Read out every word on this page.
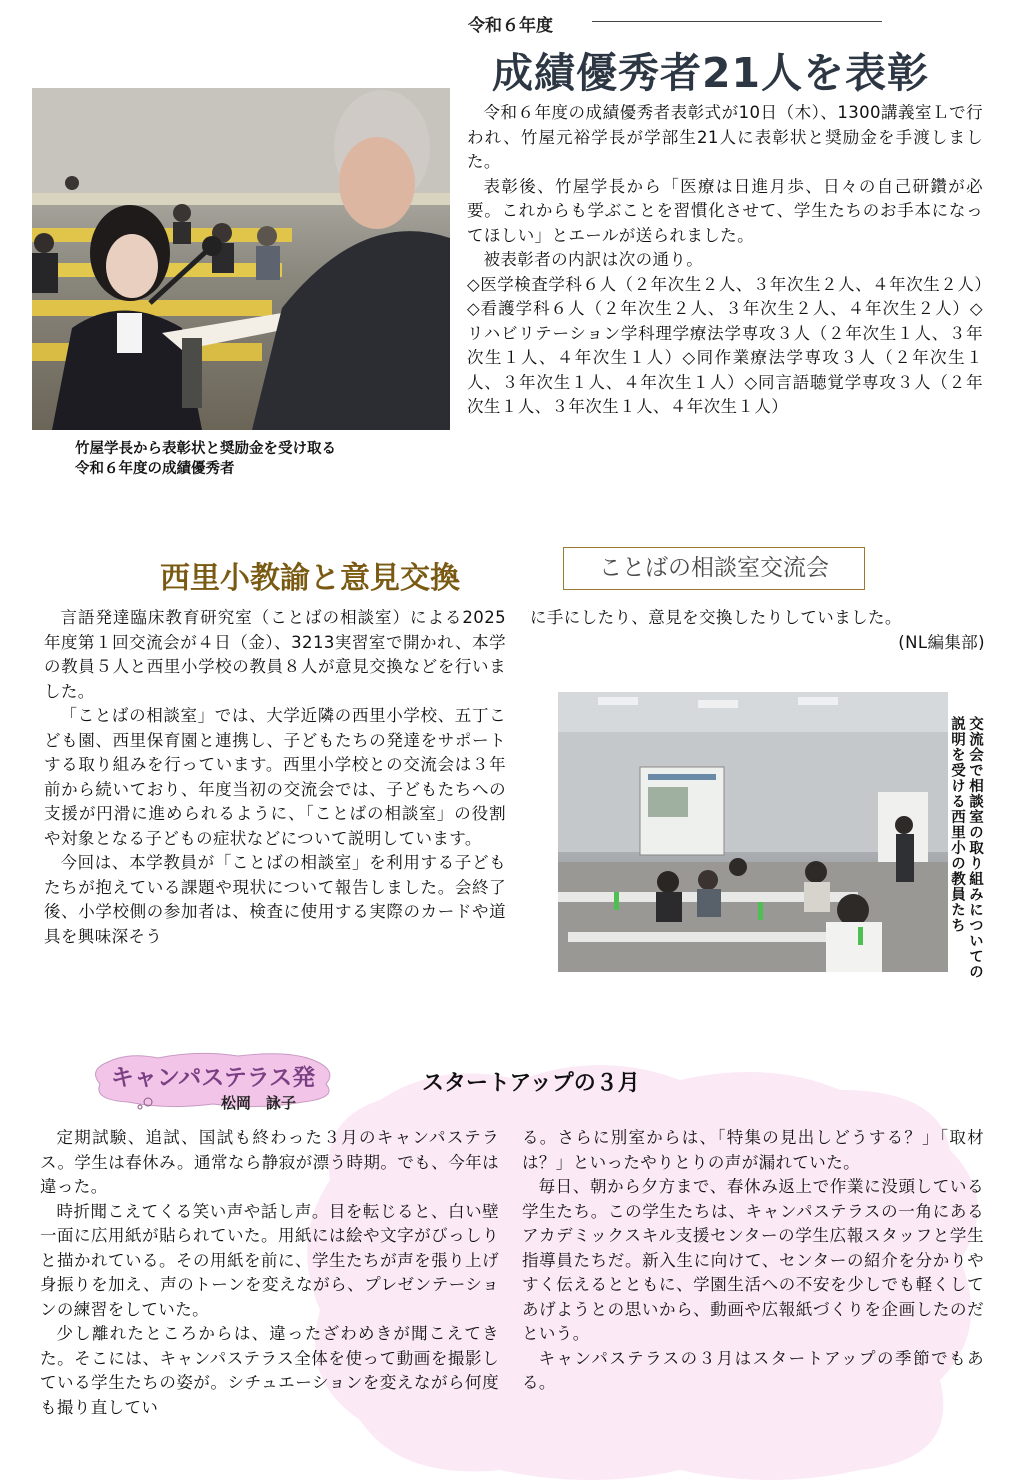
令和６年度
成績優秀者21人を表彰
竹屋学長から表彰状と奨励金を受け取る
令和６年度の成績優秀者

令和６年度の成績優秀者表彰式が10日（木）、1300講義室Ｌで行われ、竹屋元裕学長が学部生21人に表彰状と奨励金を手渡しました。

表彰後、竹屋学長から「医療は日進月歩、日々の自己研鑽が必要。これからも学ぶことを習慣化させて、学生たちのお手本になってほしい」とエールが送られました。

被表彰者の内訳は次の通り。

◇医学検査学科６人（２年次生２人、３年次生２人、４年次生２人）◇看護学科６人（２年次生２人、３年次生２人、４年次生２人）◇リハビリテーション学科理学療法学専攻３人（２年次生１人、３年次生１人、４年次生１人）◇同作業療法学専攻３人（２年次生１人、３年次生１人、４年次生１人）◇同言語聴覚学専攻３人（２年次生１人、３年次生１人、４年次生１人）

西里小教諭と意見交換	ことばの相談室交流会

言語発達臨床教育研究室（ことばの相談室）による2025年度第１回交流会が４日（金）、3213実習室で開かれ、本学の教員５人と西里小学校の教員８人が意見交換などを行いました。

「ことばの相談室」では、大学近隣の西里小学校、五丁こども園、西里保育園と連携し、子どもたちの発達をサポートする取り組みを行っています。西里小学校との交流会は３年前から続いており、年度当初の交流会では、子どもたちへの支援が円滑に進められるように、「ことばの相談室」の役割や対象となる子どもの症状などについて説明しています。

今回は、本学教員が「ことばの相談室」を利用する子どもたちが抱えている課題や現状について報告しました。会終了後、小学校側の参加者は、検査に使用する実際のカードや道具を興味深そう

に手にしたり、意見を交換したりしていました。

(NL編集部)

交流会で相談室の取り組みについての説明を受ける西里小の教員たち
キャンパステラス発
松岡　詠子
スタートアップの３月

定期試験、追試、国試も終わった３月のキャンパステラス。学生は春休み。通常なら静寂が漂う時期。でも、今年は違った。

時折聞こえてくる笑い声や話し声。目を転じると、白い壁一面に広用紙が貼られていた。用紙には絵や文字がびっしりと描かれている。その用紙を前に、学生たちが声を張り上げ身振りを加え、声のトーンを変えながら、プレゼンテーションの練習をしていた。

少し離れたところからは、違ったざわめきが聞こえてきた。そこには、キャンパステラス全体を使って動画を撮影している学生たちの姿が。シチュエーションを変えながら何度も撮り直してい

る。さらに別室からは、「特集の見出しどうする？」「取材は？」といったやりとりの声が漏れていた。

毎日、朝から夕方まで、春休み返上で作業に没頭している学生たち。この学生たちは、キャンパステラスの一角にあるアカデミックスキル支援センターの学生広報スタッフと学生指導員たちだ。新入生に向けて、センターの紹介を分かりやすく伝えるとともに、学園生活への不安を少しでも軽くしてあげようとの思いから、動画や広報紙づくりを企画したのだという。

キャンパステラスの３月はスタートアップの季節でもある。
